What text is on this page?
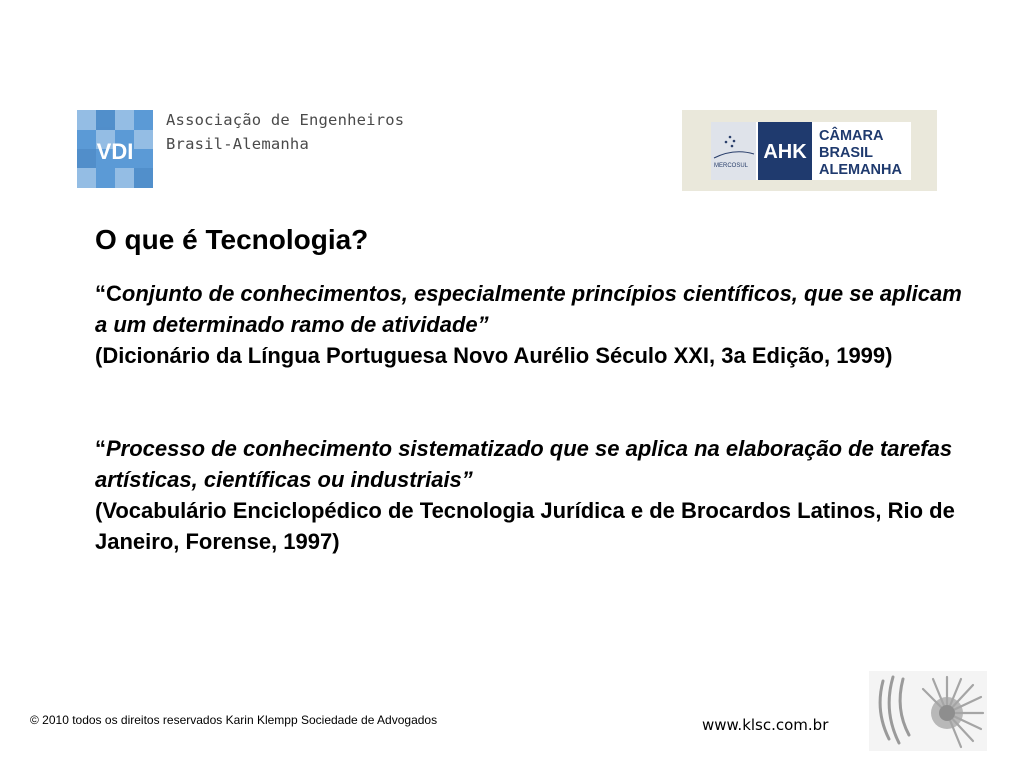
VDI
Associação de Engenheiros
Brasil-Alemanha
MERCOSUL
AHK
CÂMARA
BRASIL
ALEMANHA
O que é Tecnologia?
“Conjunto de conhecimentos, especialmente princípios científicos, que se aplicam a um determinado ramo de atividade”
(Dicionário da Língua Portuguesa Novo Aurélio Século XXI, 3a Edição, 1999)
“Processo de conhecimento sistematizado que se aplica na elaboração de tarefas artísticas, científicas ou industriais”
(Vocabulário Enciclopédico de Tecnologia Jurídica e de Brocardos Latinos, Rio de Janeiro, Forense, 1997)
© 2010 todos os direitos reservados Karin Klempp Sociedade de Advogados	www.klsc.com.br
